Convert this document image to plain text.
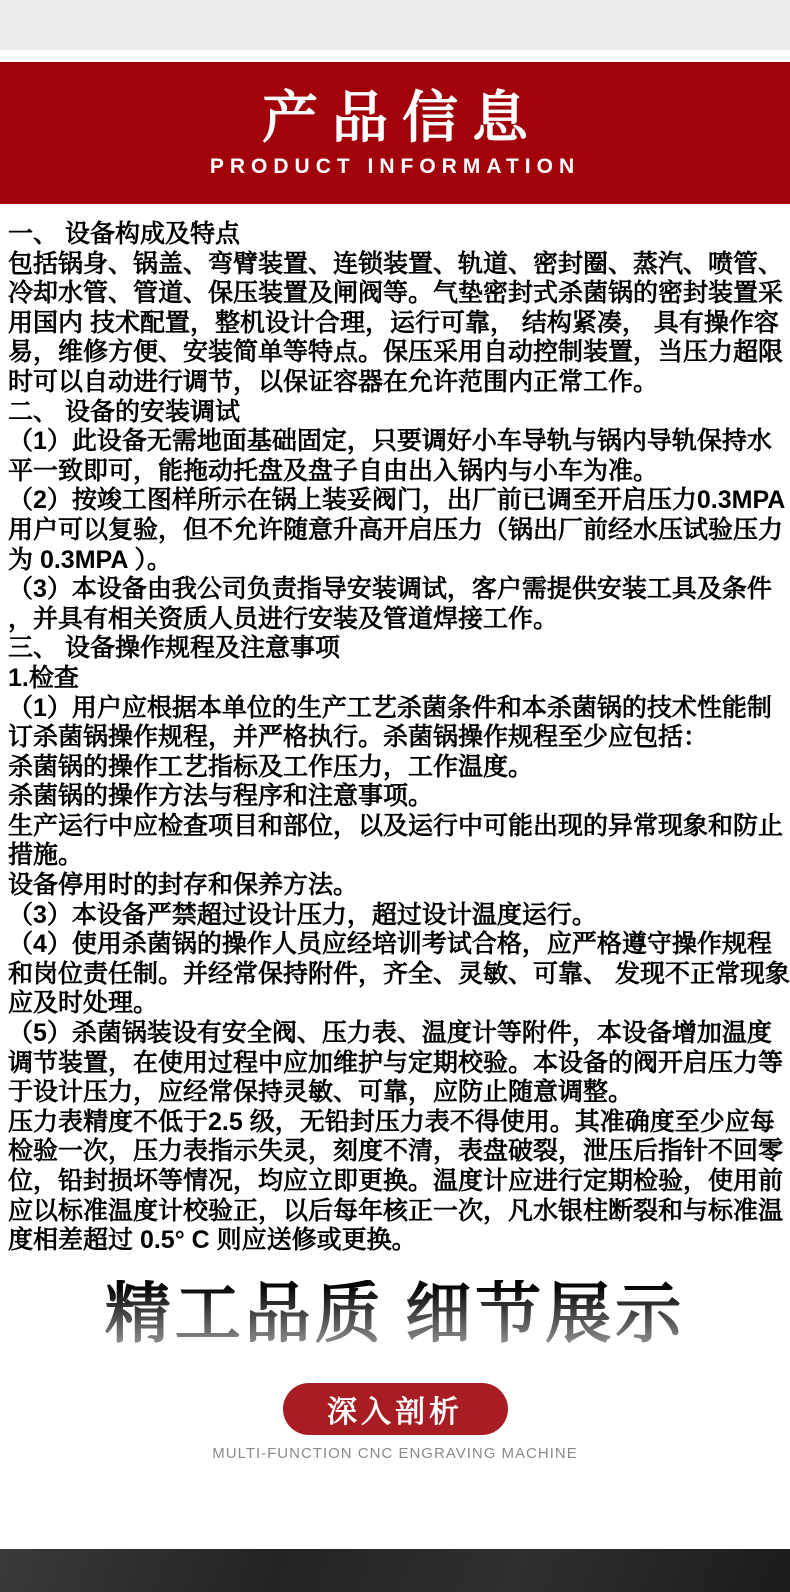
产品信息
PRODUCT INFORMATION
一、 设备构成及特点
包括锅身、锅盖、弯臂装置、连锁装置、轨道、密封圈、蒸汽、喷管、
冷却水管、管道、保压装置及闸阀等。气垫密封式杀菌锅的密封装置采
用国内 技术配置，整机设计合理，运行可靠， 结构紧凑， 具有操作容
易，维修方便、安装简单等特点。保压采用自动控制装置，当压力超限
时可以自动进行调节，以保证容器在允许范围内正常工作。
二、 设备的安装调试
（1）此设备无需地面基础固定，只要调好小车导轨与锅内导轨保持水
平一致即可，能拖动托盘及盘子自由出入锅内与小车为准。
（2）按竣工图样所示在锅上装妥阀门，出厂前已调至开启压力0.3MPA
用户可以复验，但不允许随意升高开启压力（锅出厂前经水压试验压力
为 0.3MPA ）。
（3）本设备由我公司负责指导安装调试，客户需提供安装工具及条件
，并具有相关资质人员进行安装及管道焊接工作。
三、 设备操作规程及注意事项
1.检查
（1）用户应根据本单位的生产工艺杀菌条件和本杀菌锅的技术性能制
订杀菌锅操作规程，并严格执行。杀菌锅操作规程至少应包括：
杀菌锅的操作工艺指标及工作压力，工作温度。
杀菌锅的操作方法与程序和注意事项。
生产运行中应检查项目和部位，以及运行中可能出现的异常现象和防止
措施。
设备停用时的封存和保养方法。
（3）本设备严禁超过设计压力，超过设计温度运行。
（4）使用杀菌锅的操作人员应经培训考试合格，应严格遵守操作规程
和岗位责任制。并经常保持附件，齐全、灵敏、可靠、 发现不正常现象
应及时处理。
（5）杀菌锅装设有安全阀、压力表、温度计等附件，本设备增加温度
调节装置，在使用过程中应加维护与定期校验。本设备的阀开启压力等
于设计压力，应经常保持灵敏、可靠，应防止随意调整。
压力表精度不低于2.5 级，无铅封压力表不得使用。其准确度至少应每
检验一次，压力表指示失灵，刻度不清，表盘破裂，泄压后指针不回零
位，铅封损坏等情况，均应立即更换。温度计应进行定期检验，使用前
应以标准温度计校验正，以后每年核正一次，凡水银柱断裂和与标准温
度相差超过 0.5° C 则应送修或更换。
精工品质 细节展示
深入剖析
MULTI-FUNCTION CNC ENGRAVING MACHINE
